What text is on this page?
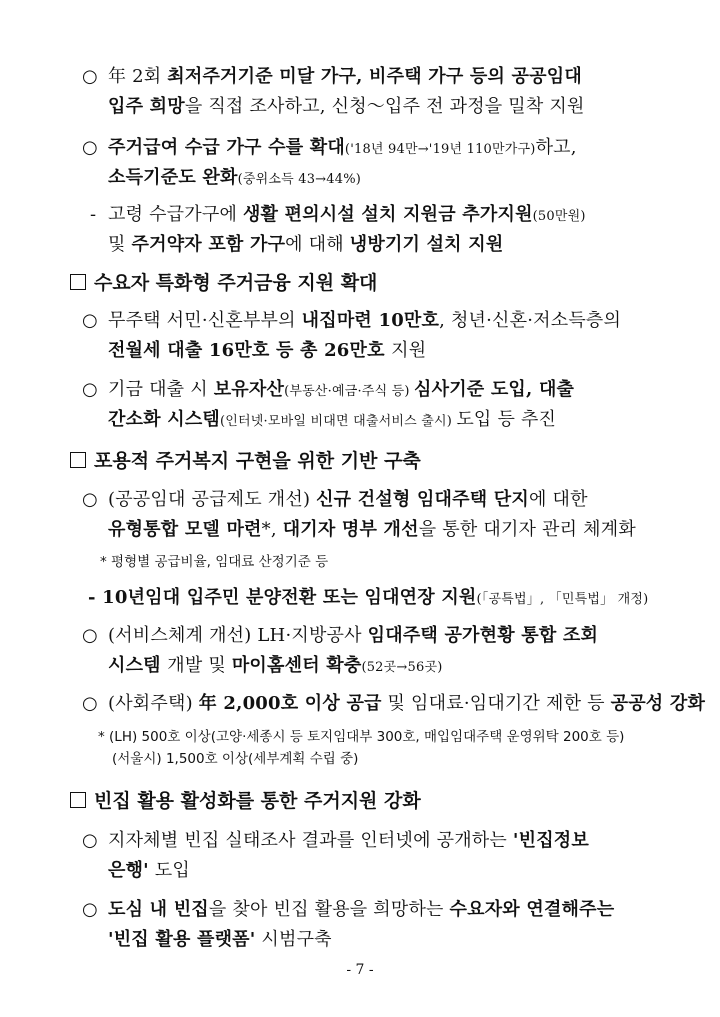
○ 年 2회 최저주거기준 미달 가구, 비주택 가구 등의 공공임대
입주 희망을 직접 조사하고, 신청～입주 전 과정을 밀착 지원
○ 주거급여 수급 가구 수를 확대('18년 94만→'19년 110만가구)하고,
소득기준도 완화(중위소득 43→44%)
- 고령 수급가구에 생활 편의시설 설치 지원금 추가지원(50만원)
및 주거약자 포함 가구에 대해 냉방기기 설치 지원
수요자 특화형 주거금융 지원 확대
○ 무주택 서민·신혼부부의 내집마련 10만호, 청년·신혼·저소득층의
전월세 대출 16만호 등 총 26만호 지원
○ 기금 대출 시 보유자산(부동산·예금·주식 등) 심사기준 도입, 대출
간소화 시스템(인터넷·모바일 비대면 대출서비스 출시) 도입 등 추진
포용적 주거복지 구현을 위한 기반 구축
○ (공공임대 공급제도 개선) 신규 건설형 임대주택 단지에 대한
유형통합 모델 마련*, 대기자 명부 개선을 통한 대기자 관리 체계화
* 평형별 공급비율, 임대료 산정기준 등
- 10년임대 입주민 분양전환 또는 임대연장 지원(「공특법」, 「민특법」 개정)
○ (서비스체계 개선) LH·지방공사 임대주택 공가현황 통합 조회
시스템 개발 및 마이홈센터 확충(52곳→56곳)
○ (사회주택) 年 2,000호 이상 공급 및 임대료·임대기간 제한 등 공공성 강화
* (LH) 500호 이상(고양·세종시 등 토지임대부 300호, 매입임대주택 운영위탁 200호 등)
(서울시) 1,500호 이상(세부계획 수립 중)
빈집 활용 활성화를 통한 주거지원 강화
○ 지자체별 빈집 실태조사 결과를 인터넷에 공개하는 '빈집정보
은행' 도입
○ 도심 내 빈집을 찾아 빈집 활용을 희망하는 수요자와 연결해주는
'빈집 활용 플랫폼' 시범구축
- 7 -
